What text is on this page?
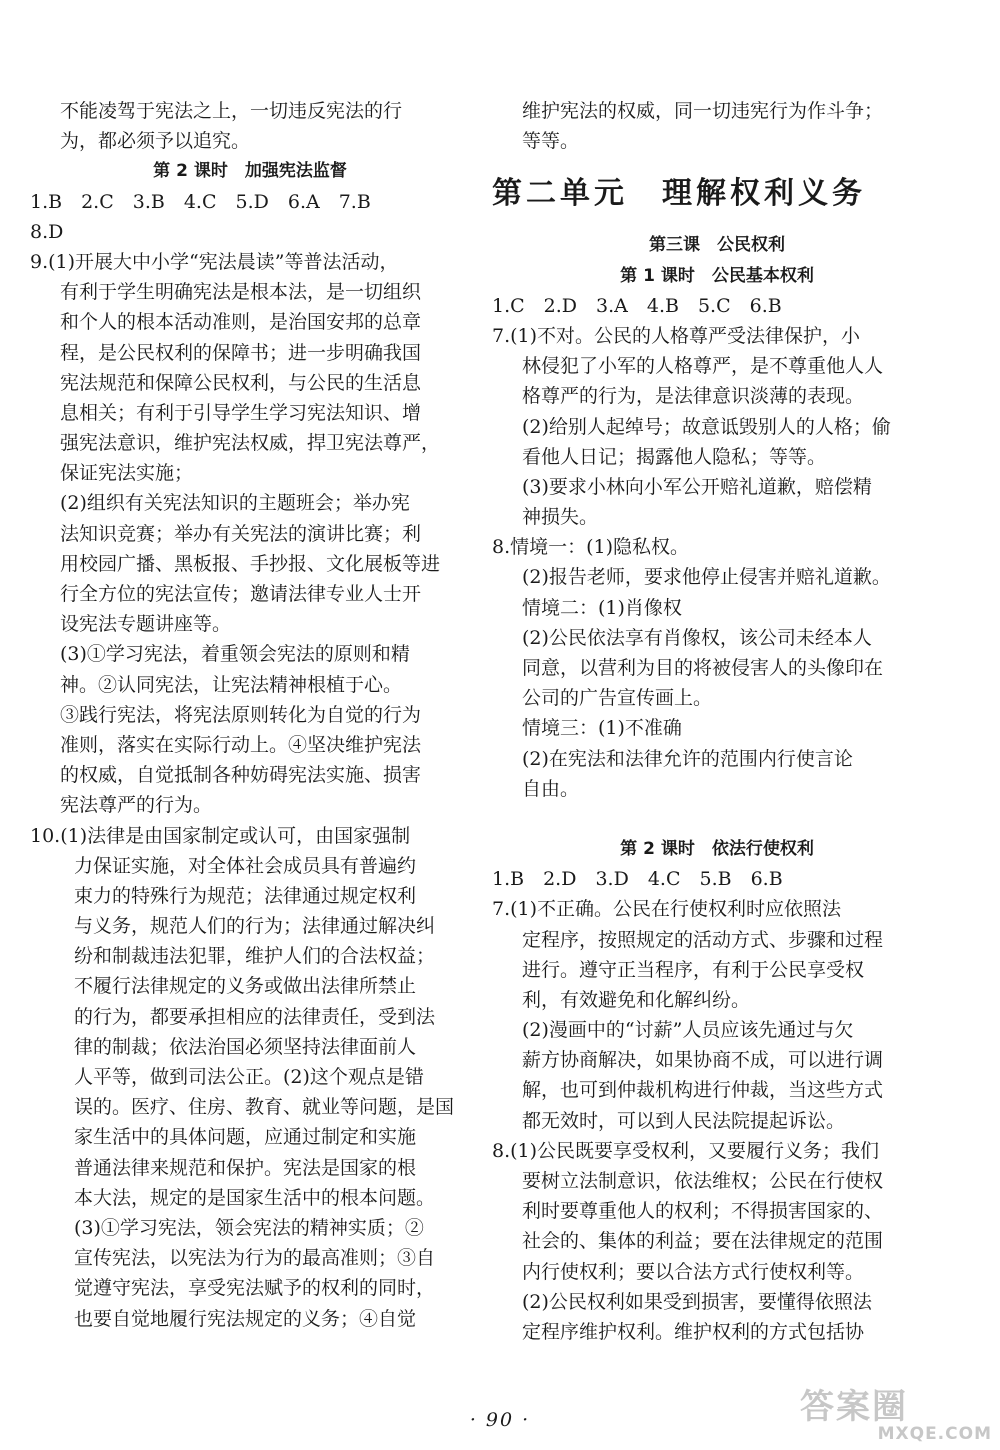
不能凌驾于宪法之上，一切违反宪法的行
为，都必须予以追究。
第 2 课时　加强宪法监督
1.B　2.C　3.B　4.C　5.D　6.A　7.B
8.D
9.(1)开展大中小学“宪法晨读”等普法活动，
有利于学生明确宪法是根本法，是一切组织
和个人的根本活动准则，是治国安邦的总章
程，是公民权利的保障书；进一步明确我国
宪法规范和保障公民权利，与公民的生活息
息相关；有利于引导学生学习宪法知识、增
强宪法意识，维护宪法权威，捍卫宪法尊严，
保证宪法实施；
(2)组织有关宪法知识的主题班会；举办宪
法知识竞赛；举办有关宪法的演讲比赛；利
用校园广播、黑板报、手抄报、文化展板等进
行全方位的宪法宣传；邀请法律专业人士开
设宪法专题讲座等。
(3)①学习宪法，着重领会宪法的原则和精
神。②认同宪法，让宪法精神根植于心。
③践行宪法，将宪法原则转化为自觉的行为
准则，落实在实际行动上。④坚决维护宪法
的权威，自觉抵制各种妨碍宪法实施、损害
宪法尊严的行为。
10.(1)法律是由国家制定或认可，由国家强制
力保证实施，对全体社会成员具有普遍约
束力的特殊行为规范；法律通过规定权利
与义务，规范人们的行为；法律通过解决纠
纷和制裁违法犯罪，维护人们的合法权益；
不履行法律规定的义务或做出法律所禁止
的行为，都要承担相应的法律责任，受到法
律的制裁；依法治国必须坚持法律面前人
人平等，做到司法公正。(2)这个观点是错
误的。医疗、住房、教育、就业等问题，是国
家生活中的具体问题，应通过制定和实施
普通法律来规范和保护。宪法是国家的根
本大法，规定的是国家生活中的根本问题。
(3)①学习宪法，领会宪法的精神实质；②
宣传宪法，以宪法为行为的最高准则；③自
觉遵守宪法，享受宪法赋予的权利的同时，
也要自觉地履行宪法规定的义务；④自觉
维护宪法的权威，同一切违宪行为作斗争；
等等。
第二单元 理解权利义务
第三课　公民权利
第 1 课时　公民基本权利
1.C　2.D　3.A　4.B　5.C　6.B
7.(1)不对。公民的人格尊严受法律保护，小
林侵犯了小军的人格尊严，是不尊重他人人
格尊严的行为，是法律意识淡薄的表现。
(2)给别人起绰号；故意诋毁别人的人格；偷
看他人日记；揭露他人隐私；等等。
(3)要求小林向小军公开赔礼道歉，赔偿精
神损失。
8.情境一：(1)隐私权。
(2)报告老师，要求他停止侵害并赔礼道歉。
情境二：(1)肖像权
(2)公民依法享有肖像权，该公司未经本人
同意，以营利为目的将被侵害人的头像印在
公司的广告宣传画上。
情境三：(1)不准确
(2)在宪法和法律允许的范围内行使言论
自由。
第 2 课时　依法行使权利
1.B　2.D　3.D　4.C　5.B　6.B
7.(1)不正确。公民在行使权利时应依照法
定程序，按照规定的活动方式、步骤和过程
进行。遵守正当程序，有利于公民享受权
利，有效避免和化解纠纷。
(2)漫画中的“讨薪”人员应该先通过与欠
薪方协商解决，如果协商不成，可以进行调
解，也可到仲裁机构进行仲裁，当这些方式
都无效时，可以到人民法院提起诉讼。
8.(1)公民既要享受权利，又要履行义务；我们
要树立法制意识，依法维权；公民在行使权
利时要尊重他人的权利；不得损害国家的、
社会的、集体的利益；要在法律规定的范围
内行使权利；要以合法方式行使权利等。
(2)公民权利如果受到损害，要懂得依照法
定程序维护权利。维护权利的方式包括协
· 90 ·	答案圈
MXQE.COM
